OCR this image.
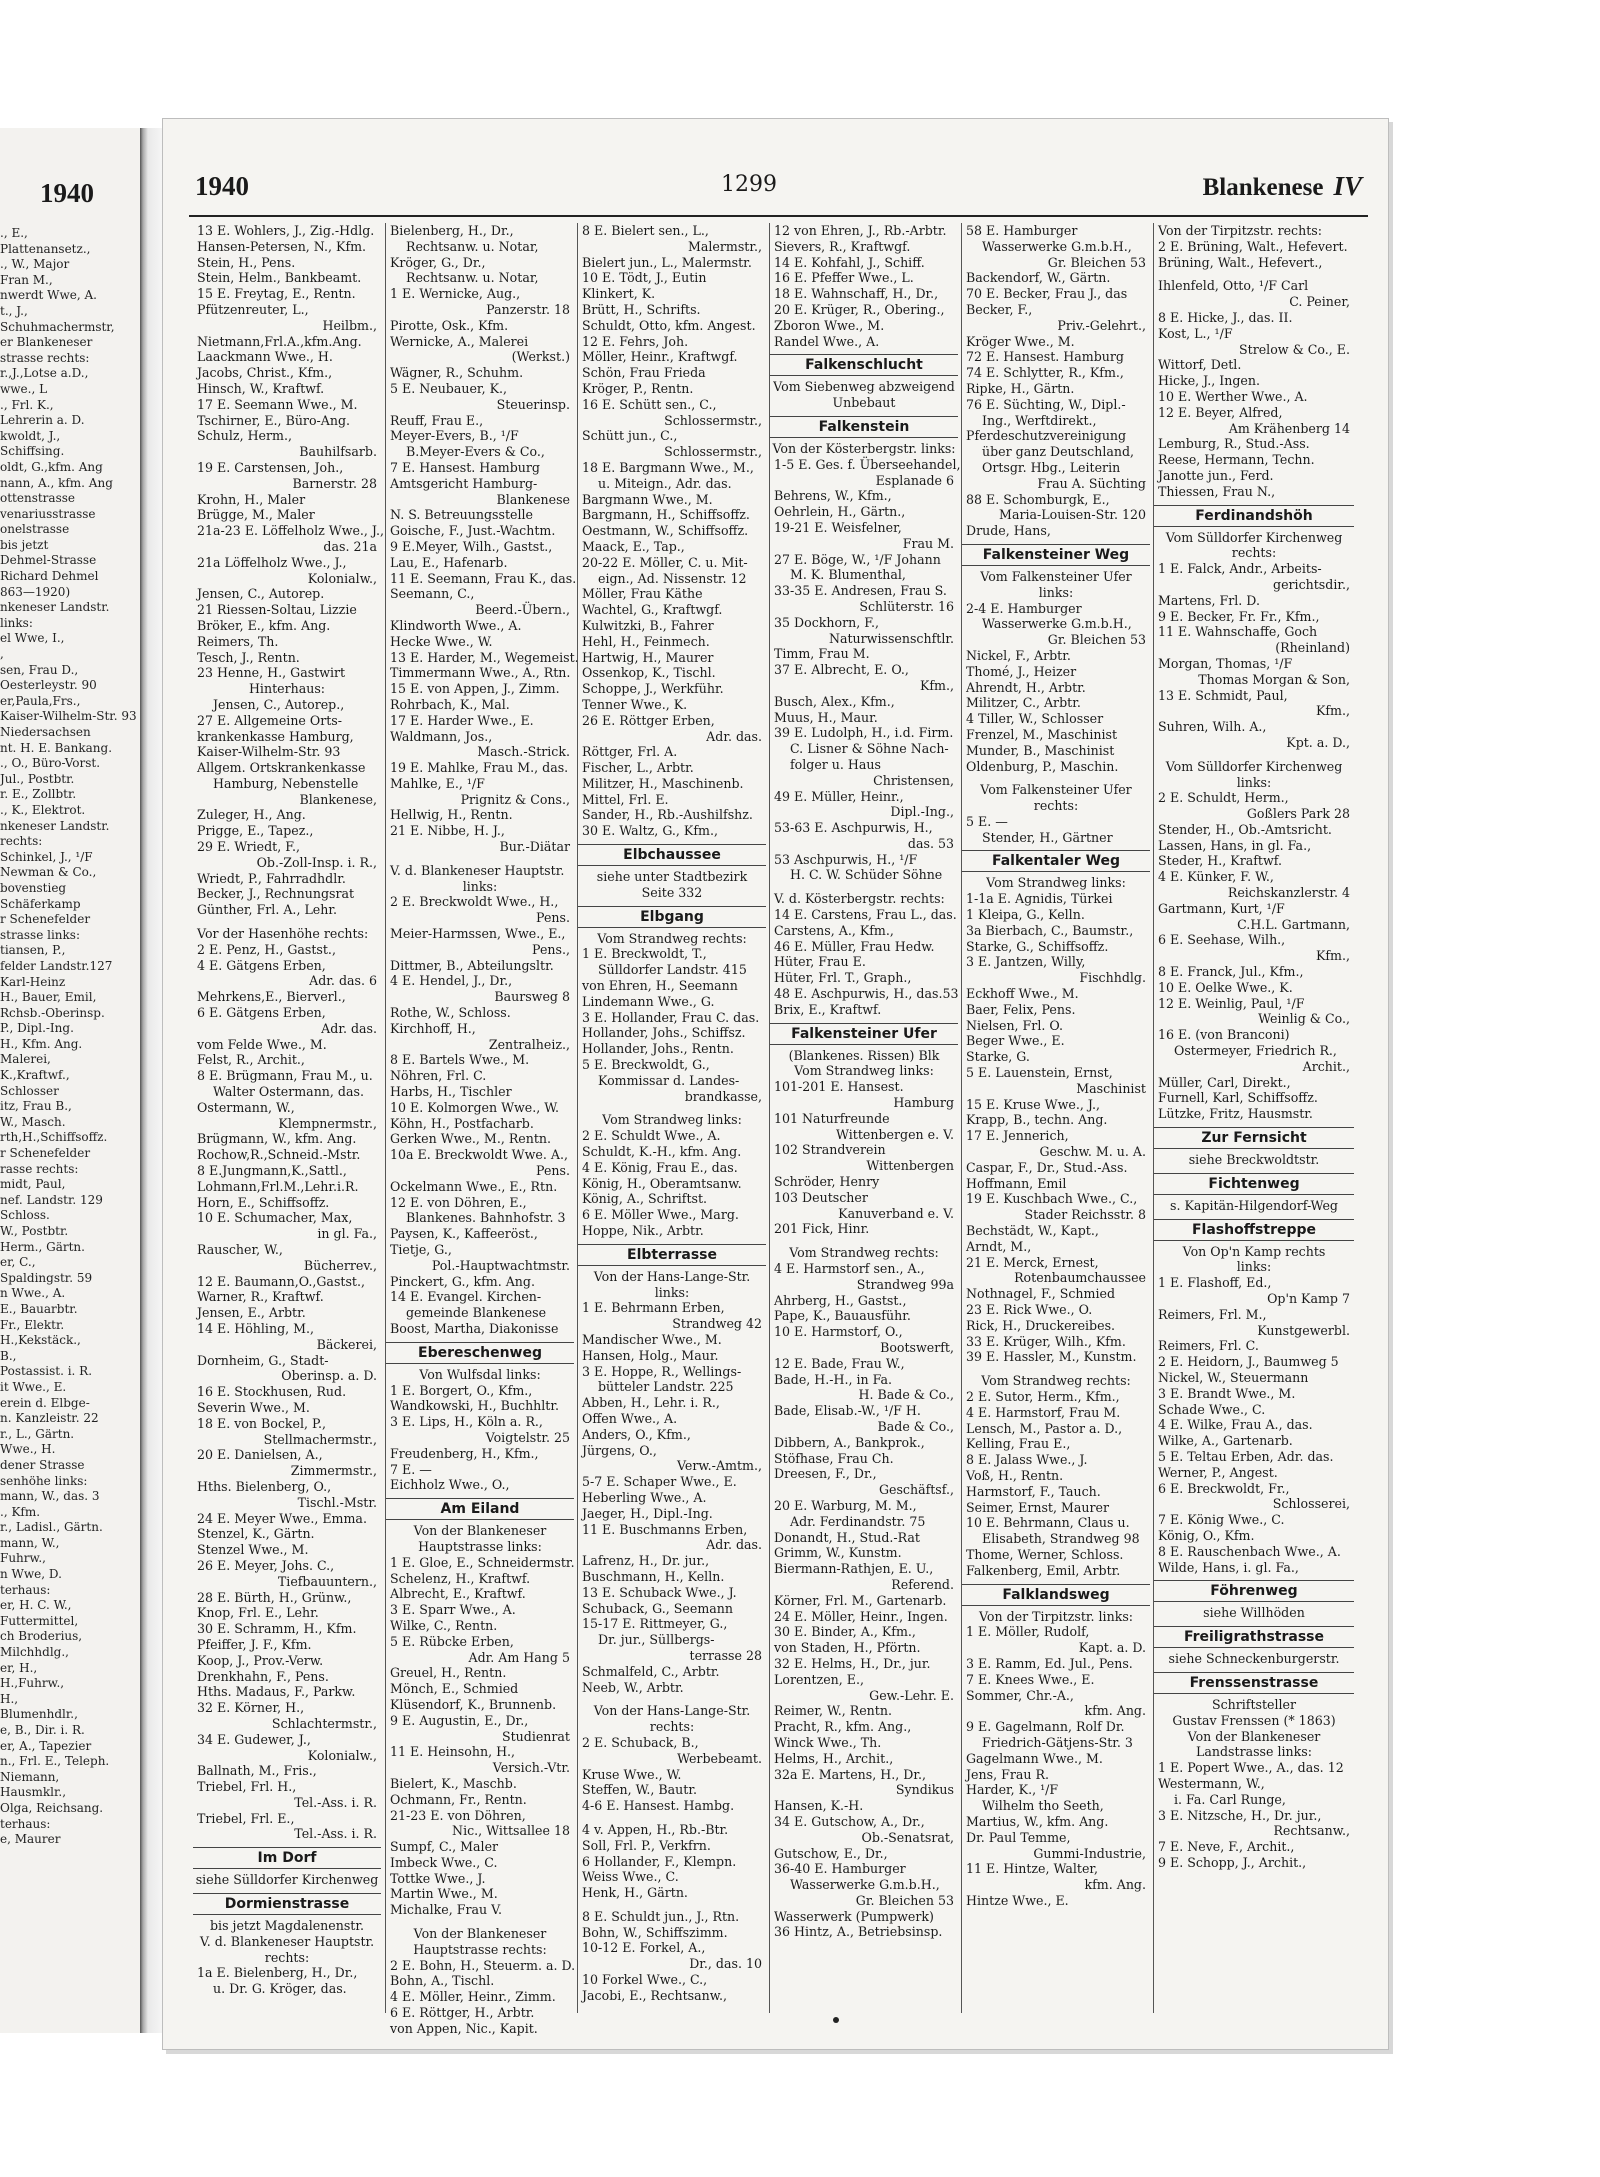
1940
., E.,
Plattenansetz.,
., W., Major
Fran M.,
nwerdt Wwe, A.
t., J.,
Schuhmachermstr,
er Blankeneser
strasse rechts:
r.,J.,Lotse a.D.,
wwe., L
., Frl. K.,
Lehrerin a. D.
kwoldt, J.,
Schiffsing.
oldt, G.,kfm. Ang
nann, A., kfm. Ang
ottenstrasse
venariusstrasse
onelstrasse
bis jetzt
Dehmel-Strasse
Richard Dehmel
863—1920)
nkeneser Landstr.
links:
el Wwe, I.,
,
sen, Frau D.,
Oesterleystr. 90
er,Paula,Frs.,
Kaiser-Wilhelm-Str. 93
Niedersachsen
nt. H. E. Bankang.
., O., Büro-Vorst.
Jul., Postbtr.
r. E., Zollbtr.
., K., Elektrot.
nkeneser Landstr.
rechts:
Schinkel, J., ¹/F
Newman & Co.,
bovenstieg
Schäferkamp
r Schenefelder
strasse links:
tiansen, P.,
felder Landstr.127
Karl-Heinz
H., Bauer, Emil,
Rchsb.-Oberinsp.
P., Dipl.-Ing.
H., Kfm. Ang.
Malerei,
K.,Kraftwf.,
Schlosser
itz, Frau B.,
W., Masch.
rth,H.,Schiffsoffz.
r Schenefelder
rasse rechts:
midt, Paul,
nef. Landstr. 129
Schloss.
W., Postbtr.
Herm., Gärtn.
er, C.,
Spaldingstr. 59
n Wwe., A.
E., Bauarbtr.
Fr., Elektr.
H.,Kekstäck.,
B.,
Postassist. i. R.
it Wwe., E.
erein d. Elbge-
n. Kanzleistr. 22
r., L., Gärtn.
Wwe., H.
dener Strasse
senhöhe links:
mann, W., das. 3
., Kfm.
r., Ladisl., Gärtn.
mann, W.,
Fuhrw.,
n Wwe, D.
terhaus:
er, H. C. W.,
Futtermittel,
ch Broderius,
Milchhdlg.,
er, H.,
H.,Fuhrw.,
H.,
Blumenhdlr.,
e, B., Dir. i. R.
er, A., Tapezier
n., Frl. E., Teleph.
Niemann,
Hausmklr.,
Olga, Reichsang.
terhaus:
e, Maurer
1940	1299	Blankenese IV
13 E. Wohlers, J., Zig.-Hdlg.
Hansen-Petersen, N., Kfm.
Stein, H., Pens.
Stein, Helm., Bankbeamt.
15 E. Freytag, E., Rentn.
Pfützenreuter, L.,
Heilbm.,
Nietmann,Frl.A.,kfm.Ang.
Laackmann Wwe., H.
Jacobs, Christ., Kfm.,
Hinsch, W., Kraftwf.
17 E. Seemann Wwe., M.
Tschirner, E., Büro-Ang.
Schulz, Herm.,
Bauhilfsarb.
19 E. Carstensen, Joh.,
Barnerstr. 28
Krohn, H., Maler
Brügge, M., Maler
21a-23 E. Löffelholz Wwe., J.,
das. 21a
21a Löffelholz Wwe., J.,
Kolonialw.,
Jensen, C., Autorep.
21 Riessen-Soltau, Lizzie
Bröker, E., kfm. Ang.
Reimers, Th.
Tesch, J., Rentn.
23 Henne, H., Gastwirt
Hinterhaus:
Jensen, C., Autorep.,
27 E. Allgemeine Orts-
krankenkasse Hamburg,
Kaiser-Wilhelm-Str. 93
Allgem. Ortskrankenkasse
Hamburg, Nebenstelle
Blankenese,
Zuleger, H., Ang.
Prigge, E., Tapez.,
29 E. Wriedt, F.,
Ob.-Zoll-Insp. i. R.,
Wriedt, P., Fahrradhdlr.
Becker, J., Rechnungsrat
Günther, Frl. A., Lehr.
Vor der Hasenhöhe rechts:
2 E. Penz, H., Gastst.,
4 E. Gätgens Erben,
Adr. das. 6
Mehrkens,E., Bierverl.,
6 E. Gätgens Erben,
Adr. das.
vom Felde Wwe., M.
Felst, R., Archit.,
8 E. Brügmann, Frau M., u.
Walter Ostermann, das.
Ostermann, W.,
Klempnermstr.,
Brügmann, W., kfm. Ang.
Rochow,R.,Schneid.-Mstr.
8 E.Jungmann,K.,Sattl.,
Lohmann,Frl.M.,Lehr.i.R.
Horn, E., Schiffsoffz.
10 E. Schumacher, Max,
in gl. Fa.,
Rauscher, W.,
Bücherrev.,
12 E. Baumann,O.,Gastst.,
Warner, R., Kraftwf.
Jensen, E., Arbtr.
14 E. Höhling, M.,
Bäckerei,
Dornheim, G., Stadt-
Oberinsp. a. D.
16 E. Stockhusen, Rud.
Severin Wwe., M.
18 E. von Bockel, P.,
Stellmachermstr.,
20 E. Danielsen, A.,
Zimmermstr.,
Hths. Bielenberg, O.,
Tischl.-Mstr.
24 E. Meyer Wwe., Emma.
Stenzel, K., Gärtn.
Stenzel Wwe., M.
26 E. Meyer, Johs. C.,
Tiefbauuntern.,
28 E. Bürth, H., Grünw.,
Knop, Frl. E., Lehr.
30 E. Schramm, H., Kfm.
Pfeiffer, J. F., Kfm.
Koop, J., Prov.-Verw.
Drenkhahn, F., Pens.
Hths. Madaus, F., Parkw.
32 E. Körner, H.,
Schlachtermstr.,
34 E. Gudewer, J.,
Kolonialw.,
Ballnath, M., Fris.,
Triebel, Frl. H.,
Tel.-Ass. i. R.
Triebel, Frl. E.,
Tel.-Ass. i. R.
Im Dorf
siehe Sülldorfer Kirchenweg
Dormienstrasse
bis jetzt Magdalenenstr.
V. d. Blankeneser Hauptstr.
rechts:
1a E. Bielenberg, H., Dr.,
u. Dr. G. Kröger, das.
Bielenberg, H., Dr.,
Rechtsanw. u. Notar,
Kröger, G., Dr.,
Rechtsanw. u. Notar,
1 E. Wernicke, Aug.,
Panzerstr. 18
Pirotte, Osk., Kfm.
Wernicke, A., Malerei
(Werkst.)
Wägner, R., Schuhm.
5 E. Neubauer, K.,
Steuerinsp.
Reuff, Frau E.,
Meyer-Evers, B., ¹/F
B.Meyer-Evers & Co.,
7 E. Hansest. Hamburg
Amtsgericht Hamburg-
Blankenese
N. S. Betreuungsstelle
Goische, F., Just.-Wachtm.
9 E.Meyer, Wilh., Gastst.,
Lau, E., Hafenarb.
11 E. Seemann, Frau K., das.
Seemann, C.,
Beerd.-Übern.,
Klindworth Wwe., A.
Hecke Wwe., W.
13 E. Harder, M., Wegemeist.
Timmermann Wwe., A., Rtn.
15 E. von Appen, J., Zimm.
Rohrbach, K., Mal.
17 E. Harder Wwe., E.
Waldmann, Jos.,
Masch.-Strick.
19 E. Mahlke, Frau M., das.
Mahlke, E., ¹/F
Prignitz & Cons.,
Hellwig, H., Rentn.
21 E. Nibbe, H. J.,
Bur.-Diätar
V. d. Blankeneser Hauptstr.
links:
2 E. Breckwoldt Wwe., H.,
Pens.
Meier-Harmssen, Wwe., E.,
Pens.,
Dittmer, B., Abteilungsltr.
4 E. Hendel, J., Dr.,
Baursweg 8
Rothe, W., Schloss.
Kirchhoff, H.,
Zentralheiz.,
8 E. Bartels Wwe., M.
Nöhren, Frl. C.
Harbs, H., Tischler
10 E. Kolmorgen Wwe., W.
Köhn, H., Postfacharb.
Gerken Wwe., M., Rentn.
10a E. Breckwoldt Wwe. A.,
Pens.
Ockelmann Wwe., E., Rtn.
12 E. von Döhren, E.,
Blankenes. Bahnhofstr. 3
Paysen, K., Kaffeeröst.,
Tietje, G.,
Pol.-Hauptwachtmstr.
Pinckert, G., kfm. Ang.
14 E. Evangel. Kirchen-
gemeinde Blankenese
Boost, Martha, Diakonisse
Ebereschenweg
Von Wulfsdal links:
1 E. Borgert, O., Kfm.,
Wandkowski, H., Buchhltr.
3 E. Lips, H., Köln a. R.,
Voigtelstr. 25
Freudenberg, H., Kfm.,
7 E. —
Eichholz Wwe., O.,
Am Eiland
Von der Blankeneser
Hauptstrasse links:
1 E. Gloe, E., Schneidermstr.
Schelenz, H., Kraftwf.
Albrecht, E., Kraftwf.
3 E. Sparr Wwe., A.
Wilke, C., Rentn.
5 E. Rübcke Erben,
Adr. Am Hang 5
Greuel, H., Rentn.
Mönch, E., Schmied
Klüsendorf, K., Brunnenb.
9 E. Augustin, E., Dr.,
Studienrat
11 E. Heinsohn, H.,
Versich.-Vtr.
Bielert, K., Maschb.
Ochmann, Fr., Rentn.
21-23 E. von Döhren,
Nic., Wittsallee 18
Sumpf, C., Maler
Imbeck Wwe., C.
Tottke Wwe., J.
Martin Wwe., M.
Michalke, Frau V.
Von der Blankeneser
Hauptstrasse rechts:
2 E. Bohn, H., Steuerm. a. D.
Bohn, A., Tischl.
4 E. Möller, Heinr., Zimm.
6 E. Röttger, H., Arbtr.
von Appen, Nic., Kapit.
8 E. Bielert sen., L.,
Malermstr.,
Bielert jun., L., Malermstr.
10 E. Tödt, J., Eutin
Klinkert, K.
Brütt, H., Schrifts.
Schuldt, Otto, kfm. Angest.
12 E. Fehrs, Joh.
Möller, Heinr., Kraftwgf.
Schön, Frau Frieda
Kröger, P., Rentn.
16 E. Schütt sen., C.,
Schlossermstr.,
Schütt jun., C.,
Schlossermstr.,
18 E. Bargmann Wwe., M.,
u. Miteign., Adr. das.
Bargmann Wwe., M.
Bargmann, H., Schiffsoffz.
Oestmann, W., Schiffsoffz.
Maack, E., Tap.,
20-22 E. Möller, C. u. Mit-
eign., Ad. Nissenstr. 12
Möller, Frau Käthe
Wachtel, G., Kraftwgf.
Kulwitzki, B., Fahrer
Hehl, H., Feinmech.
Hartwig, H., Maurer
Ossenkop, K., Tischl.
Schoppe, J., Werkführ.
Tenner Wwe., K.
26 E. Röttger Erben,
Adr. das.
Röttger, Frl. A.
Fischer, L., Arbtr.
Militzer, H., Maschinenb.
Mittel, Frl. E.
Sander, H., Rb.-Aushilfshz.
30 E. Waltz, G., Kfm.,
Elbchaussee
siehe unter Stadtbezirk
Seite 332
Elbgang
Vom Strandweg rechts:
1 E. Breckwoldt, T.,
Sülldorfer Landstr. 415
von Ehren, H., Seemann
Lindemann Wwe., G.
3 E. Hollander, Frau C. das.
Hollander, Johs., Schiffsz.
Hollander, Johs., Rentn.
5 E. Breckwoldt, G.,
Kommissar d. Landes-
brandkasse,
Vom Strandweg links:
2 E. Schuldt Wwe., A.
Schuldt, K.-H., kfm. Ang.
4 E. König, Frau E., das.
König, H., Oberamtsanw.
König, A., Schriftst.
6 E. Möller Wwe., Marg.
Hoppe, Nik., Arbtr.
Elbterrasse
Von der Hans-Lange-Str.
links:
1 E. Behrmann Erben,
Strandweg 42
Mandischer Wwe., M.
Hansen, Holg., Maur.
3 E. Hoppe, R., Wellings-
bütteler Landstr. 225
Abben, H., Lehr. i. R.,
Offen Wwe., A.
Anders, O., Kfm.,
Jürgens, O.,
Verw.-Amtm.,
5-7 E. Schaper Wwe., E.
Heberling Wwe., A.
Jaeger, H., Dipl.-Ing.
11 E. Buschmanns Erben,
Adr. das.
Lafrenz, H., Dr. jur.,
Buschmann, H., Kelln.
13 E. Schuback Wwe., J.
Schuback, G., Seemann
15-17 E. Rittmeyer, G.,
Dr. jur., Süllbergs-
terrasse 28
Schmalfeld, C., Arbtr.
Neeb, W., Arbtr.
Von der Hans-Lange-Str.
rechts:
2 E. Schuback, B.,
Werbebeamt.
Kruse Wwe., W.
Steffen, W., Bautr.
4-6 E. Hansest. Hambg.
4 v. Appen, H., Rb.-Btr.
Soll, Frl. P., Verkfrn.
6 Hollander, F., Klempn.
Weiss Wwe., C.
Henk, H., Gärtn.
8 E. Schuldt jun., J., Rtn.
Bohn, W., Schiffszimm.
10-12 E. Forkel, A.,
Dr., das. 10
10 Forkel Wwe., C.,
Jacobi, E., Rechtsanw.,
12 von Ehren, J., Rb.-Arbtr.
Sievers, R., Kraftwgf.
14 E. Kohfahl, J., Schiff.
16 E. Pfeffer Wwe., L.
18 E. Wahnschaff, H., Dr.,
20 E. Krüger, R., Obering.,
Zboron Wwe., M.
Randel Wwe., A.
Falkenschlucht
Vom Siebenweg abzweigend
Unbebaut
Falkenstein
Von der Kösterbergstr. links:
1-5 E. Ges. f. Überseehandel,
Esplanade 6
Behrens, W., Kfm.,
Oehrlein, H., Gärtn.,
19-21 E. Weisfelner,
Frau M.
27 E. Böge, W., ¹/F Johann
M. K. Blumenthal,
33-35 E. Andresen, Frau S.
Schlüterstr. 16
35 Dockhorn, F.,
Naturwissenschftlr.
Timm, Frau M.
37 E. Albrecht, E. O.,
Kfm.,
Busch, Alex., Kfm.,
Muus, H., Maur.
39 E. Ludolph, H., i.d. Firm.
C. Lisner & Söhne Nach-
folger u. Haus
Christensen,
49 E. Müller, Heinr.,
Dipl.-Ing.,
53-63 E. Aschpurwis, H.,
das. 53
53 Aschpurwis, H., ¹/F
H. C. W. Schüder Söhne
V. d. Kösterbergstr. rechts:
14 E. Carstens, Frau L., das.
Carstens, A., Kfm.,
46 E. Müller, Frau Hedw.
Hüter, Frau E.
Hüter, Frl. T., Graph.,
48 E. Aschpurwis, H., das.53
Brix, E., Kraftwf.
Falkensteiner Ufer
(Blankenes. Rissen) Blk
Vom Strandweg links:
101-201 E. Hansest.
Hamburg
101 Naturfreunde
Wittenbergen e. V.
102 Strandverein
Wittenbergen
Schröder, Henry
103 Deutscher
Kanuverband e. V.
201 Fick, Hinr.
Vom Strandweg rechts:
4 E. Harmstorf sen., A.,
Strandweg 99a
Ahrberg, H., Gastst.,
Pape, K., Bauausführ.
10 E. Harmstorf, O.,
Bootswerft,
12 E. Bade, Frau W.,
Bade, H.-H., in Fa.
H. Bade & Co.,
Bade, Elisab.-W., ¹/F H.
Bade & Co.,
Dibbern, A., Bankprok.,
Stöfhase, Frau Ch.
Dreesen, F., Dr.,
Geschäftsf.,
20 E. Warburg, M. M.,
Adr. Ferdinandstr. 75
Donandt, H., Stud.-Rat
Grimm, W., Kunstm.
Biermann-Rathjen, E. U.,
Referend.
Körner, Frl. M., Gartenarb.
24 E. Möller, Heinr., Ingen.
30 E. Binder, A., Kfm.,
von Staden, H., Pförtn.
32 E. Helms, H., Dr., jur.
Lorentzen, E.,
Gew.-Lehr. E.
Reimer, W., Rentn.
Pracht, R., kfm. Ang.,
Winck Wwe., Th.
Helms, H., Archit.,
32a E. Martens, H., Dr.,
Syndikus
Hansen, K.-H.
34 E. Gutschow, A., Dr.,
Ob.-Senatsrat,
Gutschow, E., Dr.,
36-40 E. Hamburger
Wasserwerke G.m.b.H.,
Gr. Bleichen 53
Wasserwerk (Pumpwerk)
36 Hintz, A., Betriebsinsp.
58 E. Hamburger
Wasserwerke G.m.b.H.,
Gr. Bleichen 53
Backendorf, W., Gärtn.
70 E. Becker, Frau J., das
Becker, F.,
Priv.-Gelehrt.,
Kröger Wwe., M.
72 E. Hansest. Hamburg
74 E. Schlytter, R., Kfm.,
Ripke, H., Gärtn.
76 E. Süchting, W., Dipl.-
Ing., Werftdirekt.,
Pferdeschutzvereinigung
über ganz Deutschland,
Ortsgr. Hbg., Leiterin
Frau A. Süchting
88 E. Schomburgk, E.,
Maria-Louisen-Str. 120
Drude, Hans,
Falkensteiner Weg
Vom Falkensteiner Ufer
links:
2-4 E. Hamburger
Wasserwerke G.m.b.H.,
Gr. Bleichen 53
Nickel, F., Arbtr.
Thomé, J., Heizer
Ahrendt, H., Arbtr.
Militzer, C., Arbtr.
4 Tiller, W., Schlosser
Frenzel, M., Maschinist
Munder, B., Maschinist
Oldenburg, P., Maschin.
Vom Falkensteiner Ufer
rechts:
5 E. —
Stender, H., Gärtner
Falkentaler Weg
Vom Strandweg links:
1-1a E. Agnidis, Türkei
1 Kleipa, G., Kelln.
3a Bierbach, C., Baumstr.,
Starke, G., Schiffsoffz.
3 E. Jantzen, Willy,
Fischhdlg.
Eckhoff Wwe., M.
Baer, Felix, Pens.
Nielsen, Frl. O.
Beger Wwe., E.
Starke, G.
5 E. Lauenstein, Ernst,
Maschinist
15 E. Kruse Wwe., J.,
Krapp, B., techn. Ang.
17 E. Jennerich,
Geschw. M. u. A.
Caspar, F., Dr., Stud.-Ass.
Hoffmann, Emil
19 E. Kuschbach Wwe., C.,
Stader Reichsstr. 8
Bechstädt, W., Kapt.,
Arndt, M.,
21 E. Merck, Ernest,
Rotenbaumchaussee
Nothnagel, F., Schmied
23 E. Rick Wwe., O.
Rick, H., Druckereibes.
33 E. Krüger, Wilh., Kfm.
39 E. Hassler, M., Kunstm.
Vom Strandweg rechts:
2 E. Sutor, Herm., Kfm.,
4 E. Harmstorf, Frau M.
Lensch, M., Pastor a. D.,
Kelling, Frau E.,
8 E. Jalass Wwe., J.
Voß, H., Rentn.
Harmstorf, F., Tauch.
Seimer, Ernst, Maurer
10 E. Behrmann, Claus u.
Elisabeth, Strandweg 98
Thome, Werner, Schloss.
Falkenberg, Emil, Arbtr.
Falklandsweg
Von der Tirpitzstr. links:
1 E. Möller, Rudolf,
Kapt. a. D.
3 E. Ramm, Ed. Jul., Pens.
7 E. Knees Wwe., E.
Sommer, Chr.-A.,
kfm. Ang.
9 E. Gagelmann, Rolf Dr.
Friedrich-Gätjens-Str. 3
Gagelmann Wwe., M.
Jens, Frau R.
Harder, K., ¹/F
Wilhelm tho Seeth,
Martius, W., kfm. Ang.
Dr. Paul Temme,
Gummi-Industrie,
11 E. Hintze, Walter,
kfm. Ang.
Hintze Wwe., E.
Von der Tirpitzstr. rechts:
2 E. Brüning, Walt., Hefevert.
Brüning, Walt., Hefevert.,
Ihlenfeld, Otto, ¹/F Carl
C. Peiner,
8 E. Hicke, J., das. II.
Kost, L., ¹/F
Strelow & Co., E.
Wittorf, Detl.
Hicke, J., Ingen.
10 E. Werther Wwe., A.
12 E. Beyer, Alfred,
Am Krähenberg 14
Lemburg, R., Stud.-Ass.
Reese, Hermann, Techn.
Janotte jun., Ferd.
Thiessen, Frau N.,
Ferdinandshöh
Vom Sülldorfer Kirchenweg
rechts:
1 E. Falck, Andr., Arbeits-
gerichtsdir.,
Martens, Frl. D.
9 E. Becker, Fr. Fr., Kfm.,
11 E. Wahnschaffe, Goch
(Rheinland)
Morgan, Thomas, ¹/F
Thomas Morgan & Son,
13 E. Schmidt, Paul,
Kfm.,
Suhren, Wilh. A.,
Kpt. a. D.,
Vom Sülldorfer Kirchenweg
links:
2 E. Schuldt, Herm.,
Goßlers Park 28
Stender, H., Ob.-Amtsricht.
Lassen, Hans, in gl. Fa.,
Steder, H., Kraftwf.
4 E. Künker, F. W.,
Reichskanzlerstr. 4
Gartmann, Kurt, ¹/F
C.H.L. Gartmann,
6 E. Seehase, Wilh.,
Kfm.,
8 E. Franck, Jul., Kfm.,
10 E. Oelke Wwe., K.
12 E. Weinlig, Paul, ¹/F
Weinlig & Co.,
16 E. (von Branconi)
Ostermeyer, Friedrich R.,
Archit.,
Müller, Carl, Direkt.,
Furnell, Karl, Schiffsoffz.
Lützke, Fritz, Hausmstr.
Zur Fernsicht
siehe Breckwoldtstr.
Fichtenweg
s. Kapitän-Hilgendorf-Weg
Flashoffstreppe
Von Op'n Kamp rechts
links:
1 E. Flashoff, Ed.,
Op'n Kamp 7
Reimers, Frl. M.,
Kunstgewerbl.
Reimers, Frl. C.
2 E. Heidorn, J., Baumweg 5
Nickel, W., Steuermann
3 E. Brandt Wwe., M.
Schade Wwe., C.
4 E. Wilke, Frau A., das.
Wilke, A., Gartenarb.
5 E. Teltau Erben, Adr. das.
Werner, P., Angest.
6 E. Breckwoldt, Fr.,
Schlosserei,
7 E. König Wwe., C.
König, O., Kfm.
8 E. Rauschenbach Wwe., A.
Wilde, Hans, i. gl. Fa.,
Föhrenweg
siehe Willhöden
Freiligrathstrasse
siehe Schneckenburgerstr.
Frenssenstrasse
Schriftsteller
Gustav Frenssen (* 1863)
Von der Blankeneser
Landstrasse links:
1 E. Popert Wwe., A., das. 12
Westermann, W.,
i. Fa. Carl Runge,
3 E. Nitzsche, H., Dr. jur.,
Rechtsanw.,
7 E. Neve, F., Archit.,
9 E. Schopp, J., Archit.,
